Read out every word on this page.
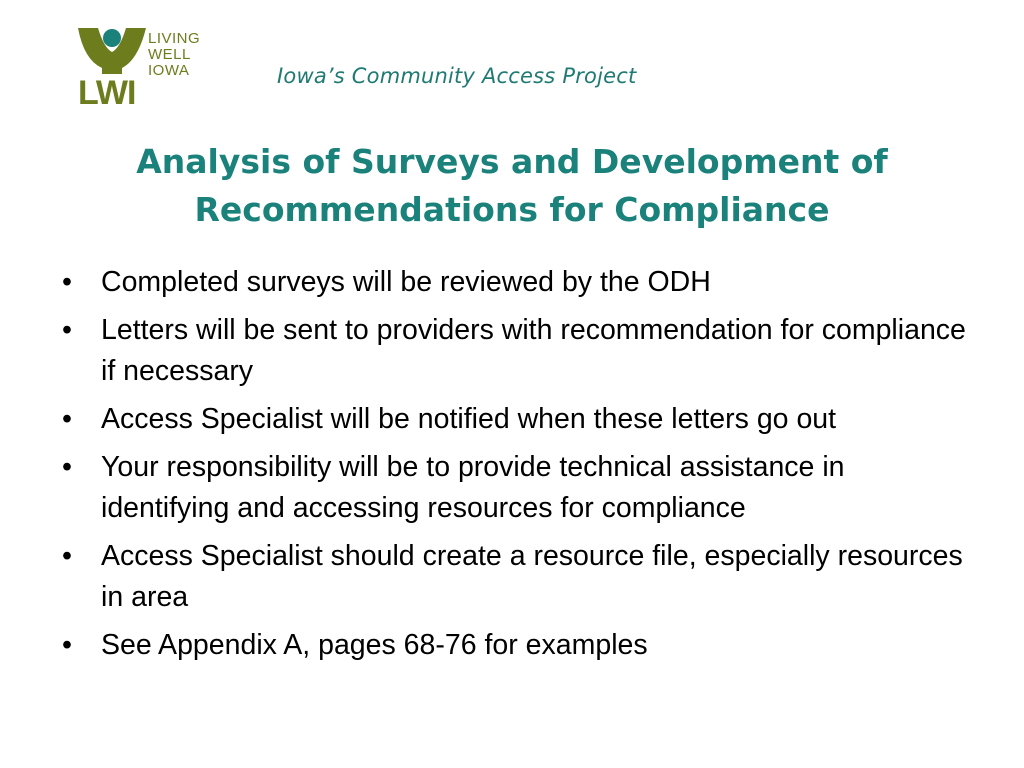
LWI
LIVING
WELL
IOWA	Iowa’s Community Access Project
Analysis of Surveys and Development of
Recommendations for Compliance
• Completed surveys will be reviewed by the ODH
• Letters will be sent to providers with recommendation for compliance if necessary
• Access Specialist will be notified when these letters go out
• Your responsibility will be to provide technical assistance in identifying and accessing resources for compliance
• Access Specialist should create a resource file, especially resources in area
• See Appendix A, pages 68-76 for examples
